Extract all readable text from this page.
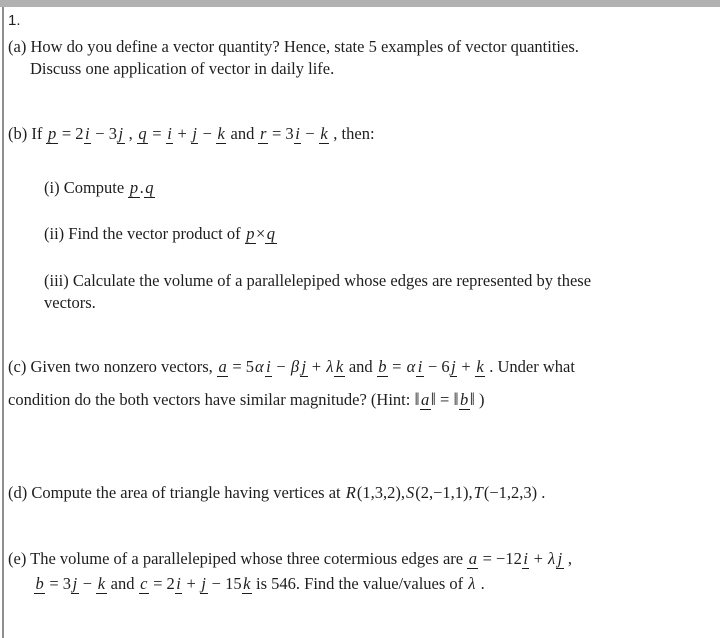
1.
(a) How do you define a vector quantity? Hence, state 5 examples of vector quantities.
Discuss one application of vector in daily life.
(b) If p = 2i − 3j , q = i + j − k and r = 3i − k , then:
(i) Compute p.q
(ii) Find the vector product of p×q
(iii) Calculate the volume of a parallelepiped whose edges are represented by these
vectors.
(c) Given two nonzero vectors, a = 5α i − β j + λ k and b = α i − 6j + k . Under what
condition do the both vectors have similar magnitude? (Hint: ‖a‖ = ‖b‖ )
(d) Compute the area of triangle having vertices at R(1,3,2),S(2,−1,1),T(−1,2,3) .
(e) The volume of a parallelepiped whose three cotermious edges are a = −12i + λ j ,
b = 3j − k and c = 2i + j − 15k is 546. Find the value/values of λ .
